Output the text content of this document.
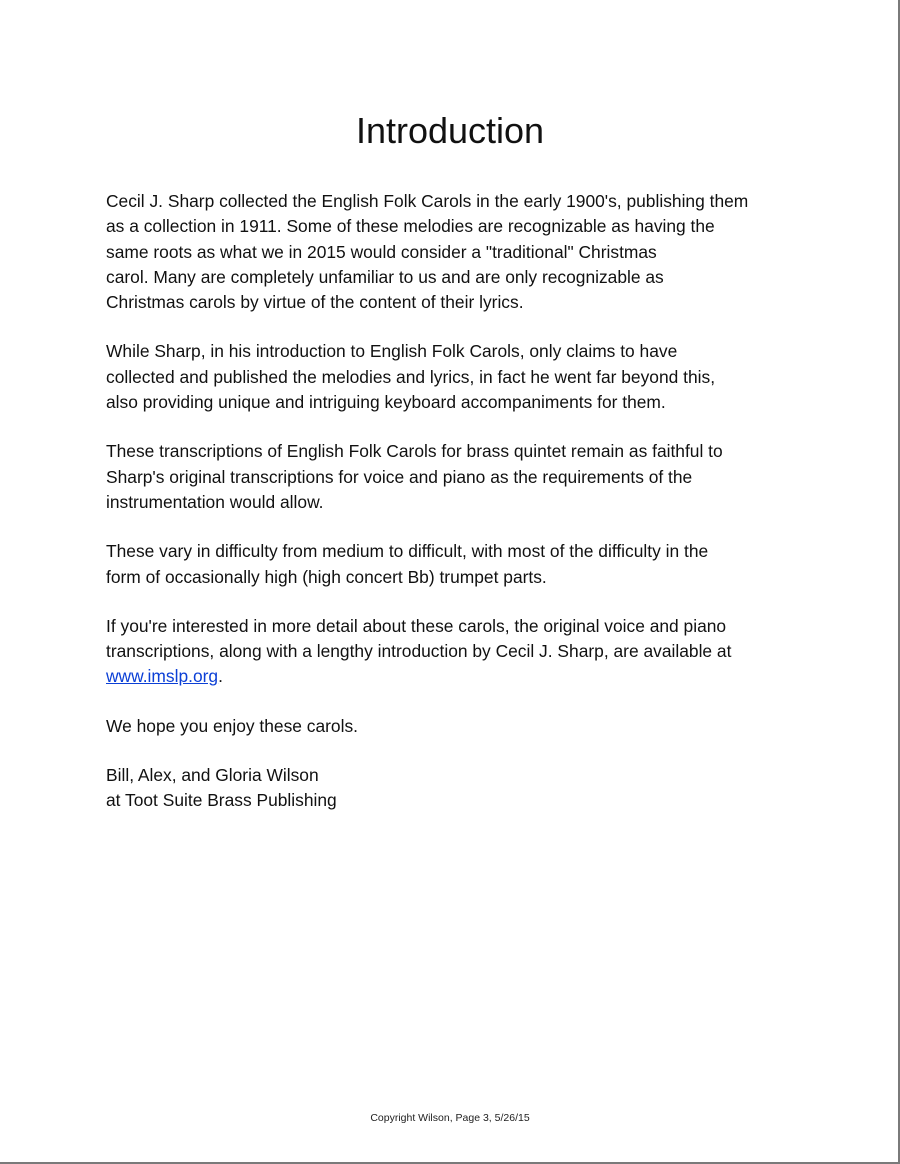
Introduction

Cecil J. Sharp collected the English Folk Carols in the early 1900's, publishing them
as a collection in 1911. Some of these melodies are recognizable as having the
same roots as what we in 2015 would consider a "traditional" Christmas
carol. Many are completely unfamiliar to us and are only recognizable as
Christmas carols by virtue of the content of their lyrics.

While Sharp, in his introduction to English Folk Carols, only claims to have
collected and published the melodies and lyrics, in fact he went far beyond this,
also providing unique and intriguing keyboard accompaniments for them.

These transcriptions of English Folk Carols for brass quintet remain as faithful to
Sharp's original transcriptions for voice and piano as the requirements of the
instrumentation would allow.

These vary in difficulty from medium to difficult, with most of the difficulty in the
form of occasionally high (high concert Bb) trumpet parts.

If you're interested in more detail about these carols, the original voice and piano
transcriptions, along with a lengthy introduction by Cecil J. Sharp, are available at
www.imslp.org.

We hope you enjoy these carols.

Bill, Alex, and Gloria Wilson
at Toot Suite Brass Publishing

Copyright Wilson, Page 3, 5/26/15
